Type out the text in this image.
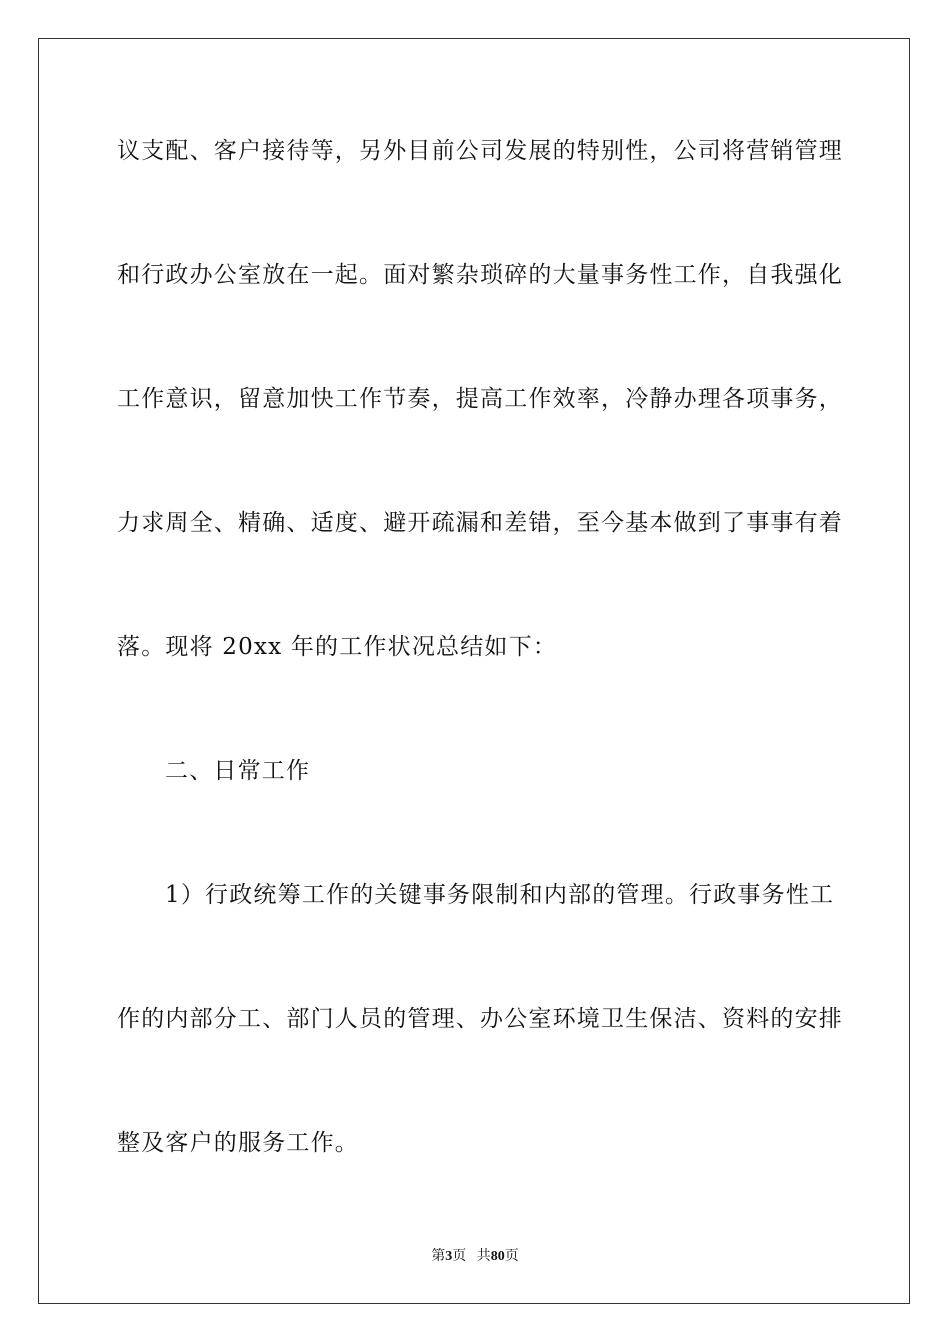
议支配、客户接待等，另外目前公司发展的特别性，公司将营销管理
和行政办公室放在一起。面对繁杂琐碎的大量事务性工作，自我强化
工作意识，留意加快工作节奏，提高工作效率，冷静办理各项事务，
力求周全、精确、适度、避开疏漏和差错，至今基本做到了事事有着
落。现将 20xx 年的工作状况总结如下：
二、日常工作
1）行政统筹工作的关键事务限制和内部的管理。行政事务性工
作的内部分工、部门人员的管理、办公室环境卫生保洁、资料的安排
整及客户的服务工作。
第3页 共80页
